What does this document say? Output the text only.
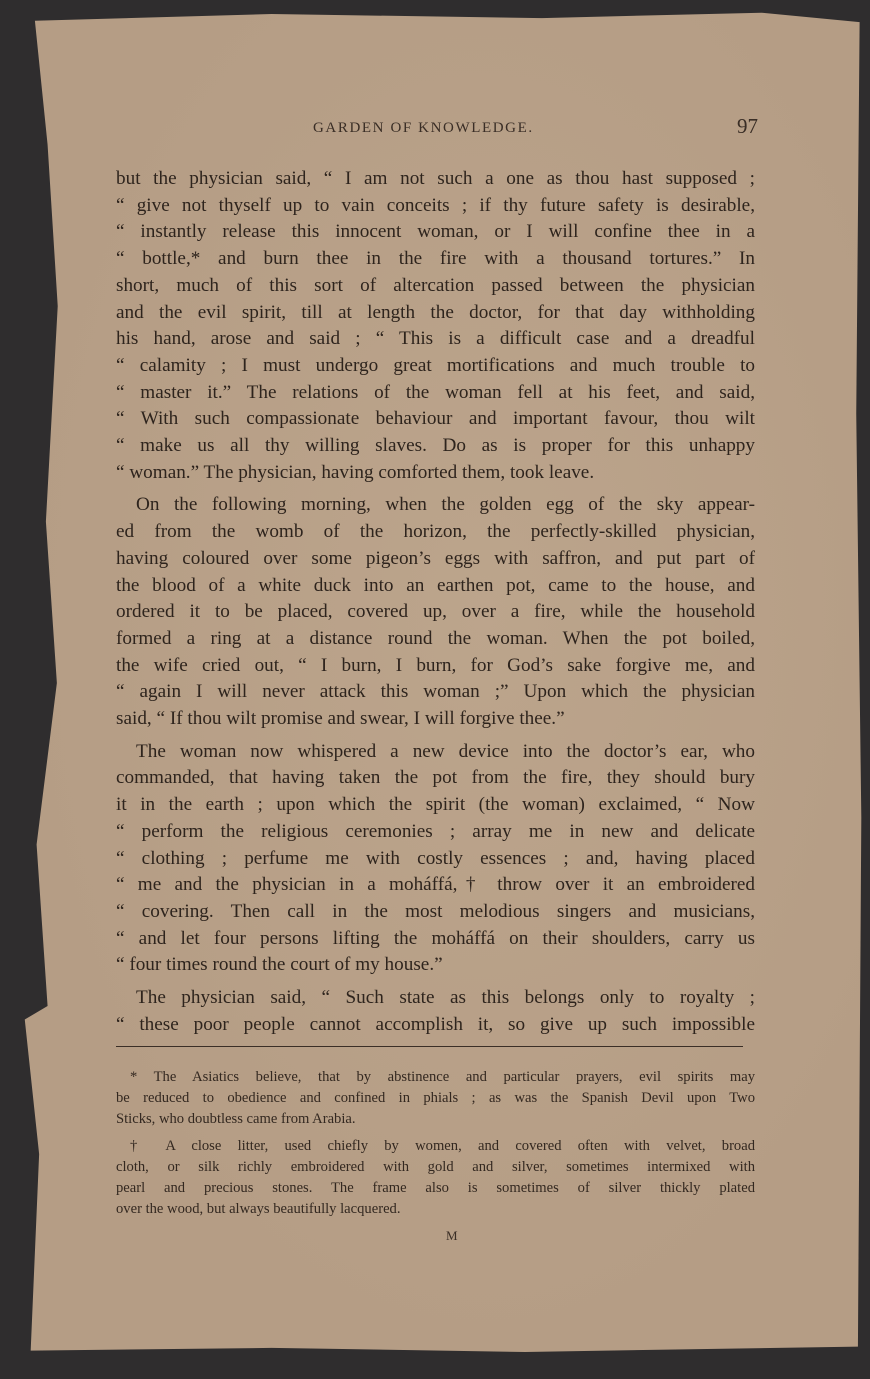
GARDEN OF KNOWLEDGE.	97

but the physician said, “ I am not such a one as thou hast supposed ;

“ give not thyself up to vain conceits ; if thy future safety is desirable,

“ instantly release this innocent woman, or I will confine thee in a

“ bottle,* and burn thee in the fire with a thousand tortures.” In

short, much of this sort of altercation passed between the physician

and the evil spirit, till at length the doctor, for that day withholding

his hand, arose and said ; “ This is a difficult case and a dreadful

“ calamity ; I must undergo great mortifications and much trouble to

“ master it.” The relations of the woman fell at his feet, and said,

“ With such compassionate behaviour and important favour, thou wilt

“ make us all thy willing slaves. Do as is proper for this unhappy

“ woman.” The physician, having comforted them, took leave.

On the following morning, when the golden egg of the sky appear-

ed from the womb of the horizon, the perfectly-skilled physician,

having coloured over some pigeon’s eggs with saffron, and put part of

the blood of a white duck into an earthen pot, came to the house, and

ordered it to be placed, covered up, over a fire, while the household

formed a ring at a distance round the woman. When the pot boiled,

the wife cried out, “ I burn, I burn, for God’s sake forgive me, and

“ again I will never attack this woman ;” Upon which the physician

said, “ If thou wilt promise and swear, I will forgive thee.”

The woman now whispered a new device into the doctor’s ear, who

commanded, that having taken the pot from the fire, they should bury

it in the earth ; upon which the spirit (the woman) exclaimed, “ Now

“ perform the religious ceremonies ; array me in new and delicate

“ clothing ; perfume me with costly essences ; and, having placed

“ me and the physician in a moháffá,† throw over it an embroidered

“ covering. Then call in the most melodious singers and musicians,

“ and let four persons lifting the moháffá on their shoulders, carry us

“ four times round the court of my house.”

The physician said, “ Such state as this belongs only to royalty ;

“ these poor people cannot accomplish it, so give up such impossible

* The Asiatics believe, that by abstinence and particular prayers, evil spirits may

be reduced to obedience and confined in phials ; as was the Spanish Devil upon Two

Sticks, who doubtless came from Arabia.

† A close litter, used chiefly by women, and covered often with velvet, broad

cloth, or silk richly embroidered with gold and silver, sometimes intermixed with

pearl and precious stones. The frame also is sometimes of silver thickly plated

over the wood, but always beautifully lacquered.

M
